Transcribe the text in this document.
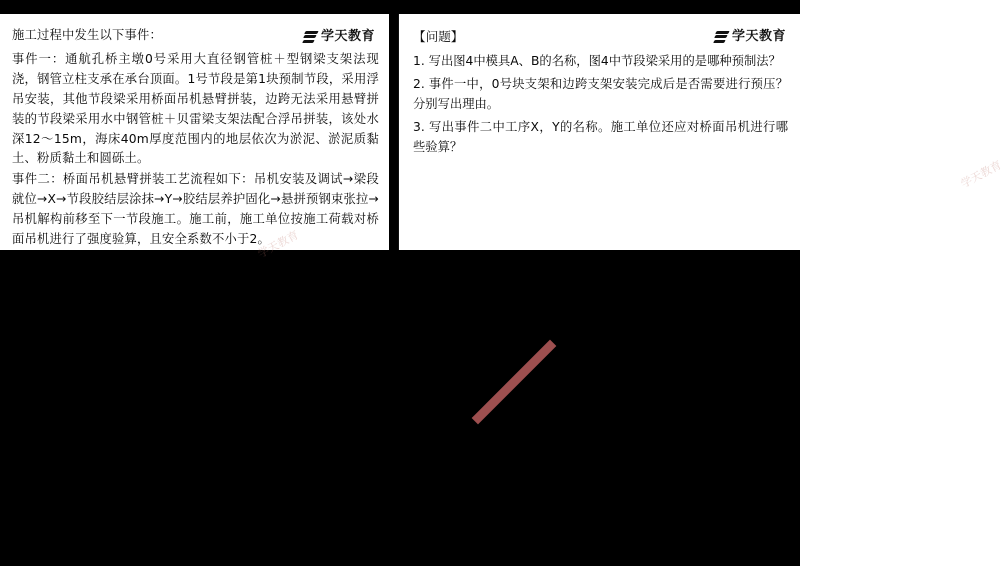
学天教育

施工过程中发生以下事件：

事件一：通航孔桥主墩0号采用大直径钢管桩＋型钢梁支架法现浇，钢管立柱支承在承台顶面。1号节段是第1块预制节段，采用浮吊安装，其他节段梁采用桥面吊机悬臂拼装，边跨无法采用悬臂拼装的节段梁采用水中钢管桩＋贝雷梁支架法配合浮吊拼装，该处水深12～15m，海床40m厚度范围内的地层依次为淤泥、淤泥质黏土、粉质黏土和圆砾土。

事件二：桥面吊机悬臂拼装工艺流程如下：吊机安装及调试→梁段就位→X→节段胶结层涂抹→Y→胶结层养护固化→悬拼预钢束张拉→吊机解构前移至下一节段施工。施工前，施工单位按施工荷载对桥面吊机进行了强度验算，且安全系数不小于2。

学天教育
学天教育

【问题】

1. 写出图4中模具A、B的名称，图4中节段梁采用的是哪种预制法？

2. 事件一中，0号块支架和边跨支架安装完成后是否需要进行预压？分别写出理由。

3. 写出事件二中工序X，Y的名称。施工单位还应对桥面吊机进行哪些验算？

学天教育
